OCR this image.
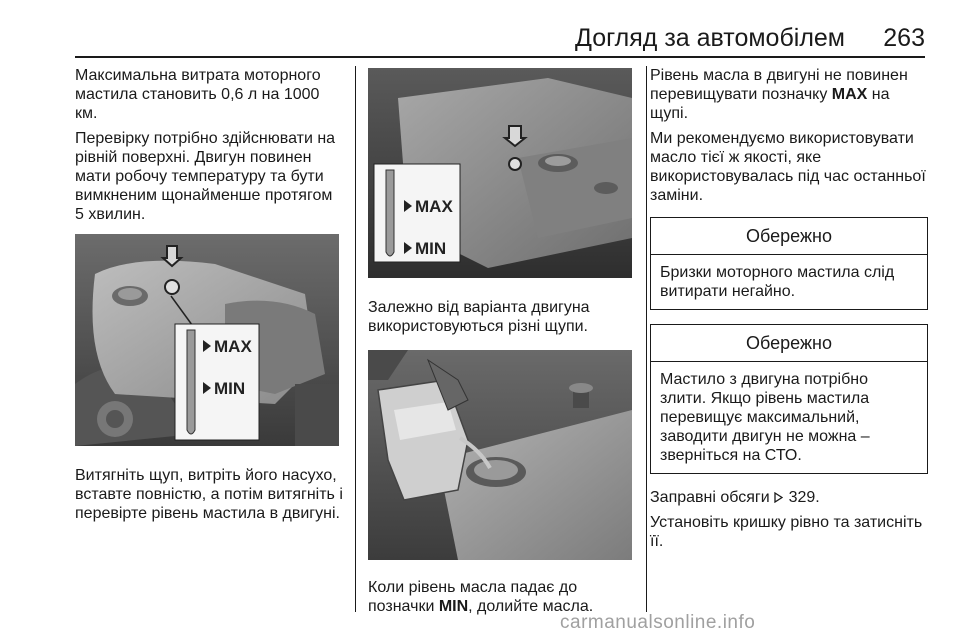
Догляд за автомобілем 263

Максимальна витрата моторного мастила становить 0,6 л на 1000 км.

Перевірку потрібно здійснювати на рівній поверхні. Двигун повинен мати робочу температуру та бути вимкненим щонайменше протягом 5 хвилин.

MAX
MIN

Витягніть щуп, витріть його насухо, вставте повністю, а потім витягніть і перевірте рівень мастила в двигуні.

MAX
MIN

Залежно від варіанта двигуна використовуються різні щупи.

Коли рівень масла падає до позначки MIN, долийте масла.

Рівень масла в двигуні не повинен перевищувати позначку MAX на щупі.

Ми рекомендуємо використовувати масло тієї ж якості, яке використовувалась під час останньої заміни.

Обережно
Бризки моторного мастила слід витирати негайно.
Обережно
Мастило з двигуна потрібно злити. Якщо рівень мастила перевищує максимальний, заводити двигун не можна – зверніться на СТО.

Заправні обсяги  329.

Установіть кришку рівно та затисніть її.

carmanualsonline.info
